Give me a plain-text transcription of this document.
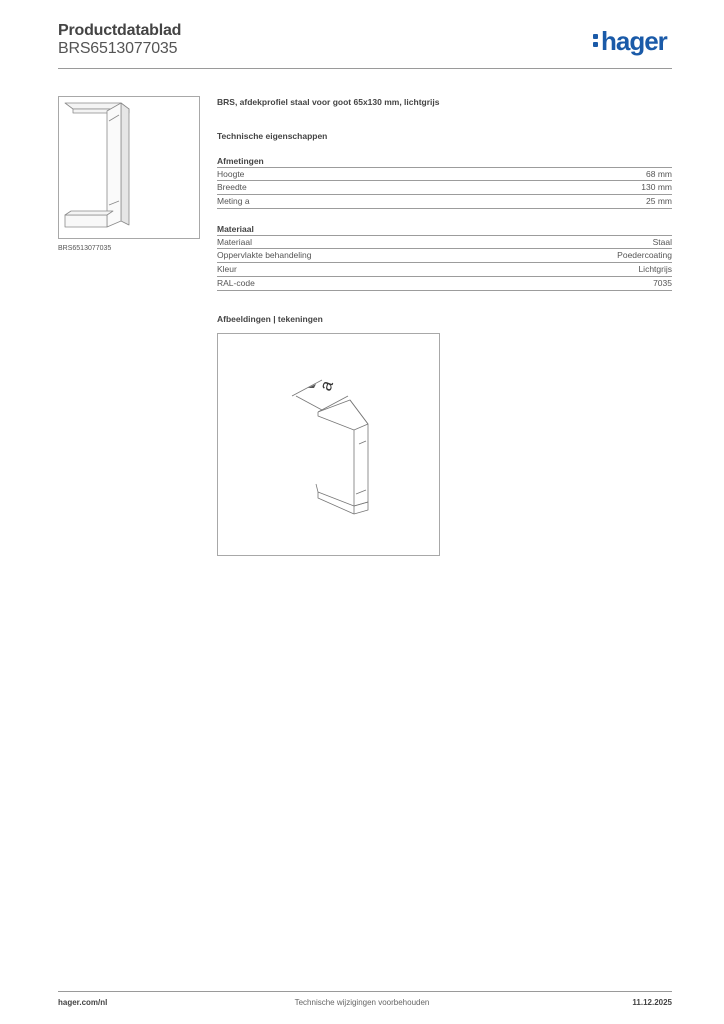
Productdatablad
BRS6513077035	hager
BRS6513077035
BRS, afdekprofiel staal voor goot 65x130 mm, lichtgrijs
Technische eigenschappen
Afmetingen
Hoogte	68 mm
Breedte	130 mm
Meting a	25 mm
Materiaal
Materiaal	Staal
Oppervlakte behandeling	Poedercoating
Kleur	Lichtgrijs
RAL-code	7035
Afbeeldingen | tekeningen
a
hager.com/nl	Technische wijzigingen voorbehouden	11.12.2025
